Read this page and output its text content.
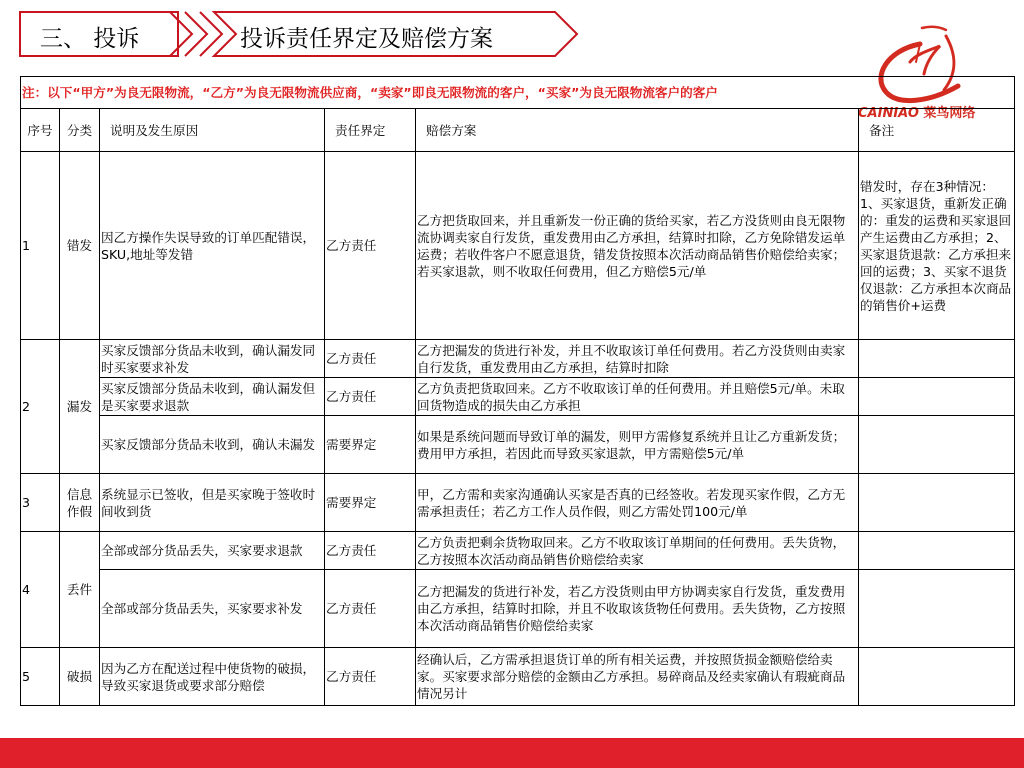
三、 投诉	投诉责任界定及赔偿方案
CAINIAO 菜鸟网络
注：以下“甲方”为良无限物流，“乙方”为良无限物流供应商，“卖家”即良无限物流的客户，“买家”为良无限物流客户的客户					
序号	分类	说明及发生原因	责任界定	赔偿方案	备注
1	错发	因乙方操作失误导致的订单匹配错误，SKU,地址等发错	乙方责任	乙方把货取回来，并且重新发一份正确的货给买家，若乙方没货则由良无限物流协调卖家自行发货，重发费用由乙方承担，结算时扣除，乙方免除错发运单运费；若收件客户不愿意退货，错发货按照本次活动商品销售价赔偿给卖家；若买家退款，则不收取任何费用，但乙方赔偿5元/单	错发时，存在3种情况：1、买家退货，重新发正确的：重发的运费和买家退回产生运费由乙方承担；2、买家退货退款：乙方承担来回的运费；3、买家不退货仅退款：乙方承担本次商品的销售价+运费
2	漏发	买家反馈部分货品未收到，确认漏发同时买家要求补发	乙方责任	乙方把漏发的货进行补发，并且不收取该订单任何费用。若乙方没货则由卖家自行发货，重发费用由乙方承担，结算时扣除	
		买家反馈部分货品未收到，确认漏发但是买家要求退款	乙方责任	乙方负责把货取回来。乙方不收取该订单的任何费用。并且赔偿5元/单。未取回货物造成的损失由乙方承担	
		买家反馈部分货品未收到，确认未漏发	需要界定	如果是系统问题而导致订单的漏发，则甲方需修复系统并且让乙方重新发货；费用甲方承担，若因此而导致买家退款，甲方需赔偿5元/单	
3	信息作假	系统显示已签收，但是买家晚于签收时间收到货	需要界定	甲，乙方需和卖家沟通确认买家是否真的已经签收。若发现买家作假，乙方无需承担责任；若乙方工作人员作假，则乙方需处罚100元/单	
4	丢件	全部或部分货品丢失，买家要求退款	乙方责任	乙方负责把剩余货物取回来。乙方不收取该订单期间的任何费用。丢失货物，乙方按照本次活动商品销售价赔偿给卖家	
		全部或部分货品丢失，买家要求补发	乙方责任	乙方把漏发的货进行补发，若乙方没货则由甲方协调卖家自行发货，重发费用由乙方承担，结算时扣除，并且不收取该货物任何费用。丢失货物，乙方按照本次活动商品销售价赔偿给卖家	
5	破损	因为乙方在配送过程中使货物的破损，导致买家退货或要求部分赔偿	乙方责任	经确认后，乙方需承担退货订单的所有相关运费，并按照货损金额赔偿给卖家。买家要求部分赔偿的金额由乙方承担。易碎商品及经卖家确认有瑕疵商品情况另计	
